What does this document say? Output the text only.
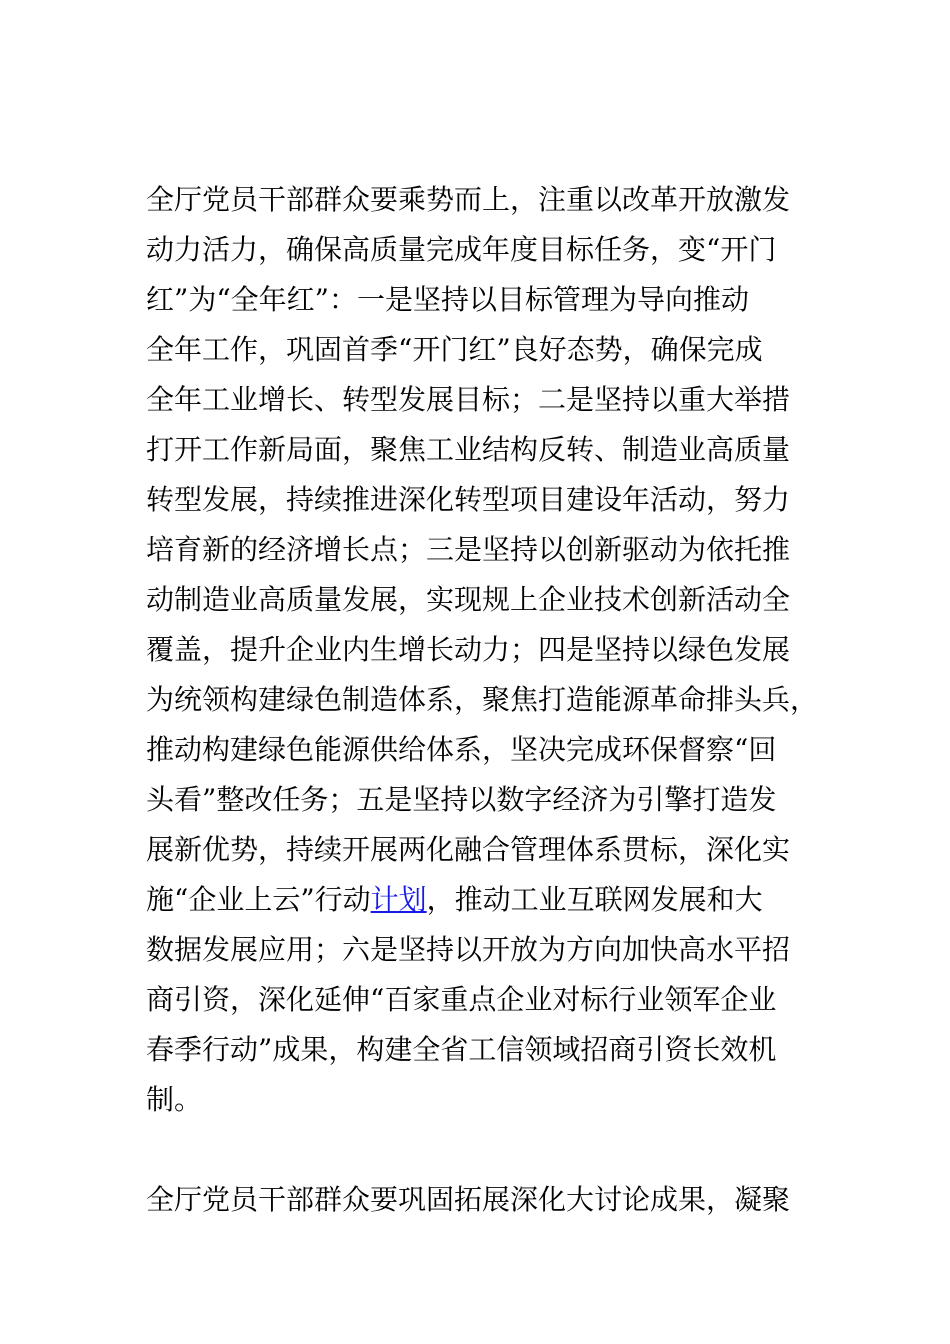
全厅党员干部群众要乘势而上，注重以改革开放激发
动力活力，确保高质量完成年度目标任务，变“开门
红”为“全年红”：一是坚持以目标管理为导向推动
全年工作，巩固首季“开门红”良好态势，确保完成
全年工业增长、转型发展目标；二是坚持以重大举措
打开工作新局面，聚焦工业结构反转、制造业高质量
转型发展，持续推进深化转型项目建设年活动，努力
培育新的经济增长点；三是坚持以创新驱动为依托推
动制造业高质量发展，实现规上企业技术创新活动全
覆盖，提升企业内生增长动力；四是坚持以绿色发展
为统领构建绿色制造体系，聚焦打造能源革命排头兵，
推动构建绿色能源供给体系，坚决完成环保督察“回
头看”整改任务；五是坚持以数字经济为引擎打造发
展新优势，持续开展两化融合管理体系贯标，深化实
施“企业上云”行动计划，推动工业互联网发展和大
数据发展应用；六是坚持以开放为方向加快高水平招
商引资，深化延伸“百家重点企业对标行业领军企业
春季行动”成果，构建全省工信领域招商引资长效机
制。
全厅党员干部群众要巩固拓展深化大讨论成果，凝聚
